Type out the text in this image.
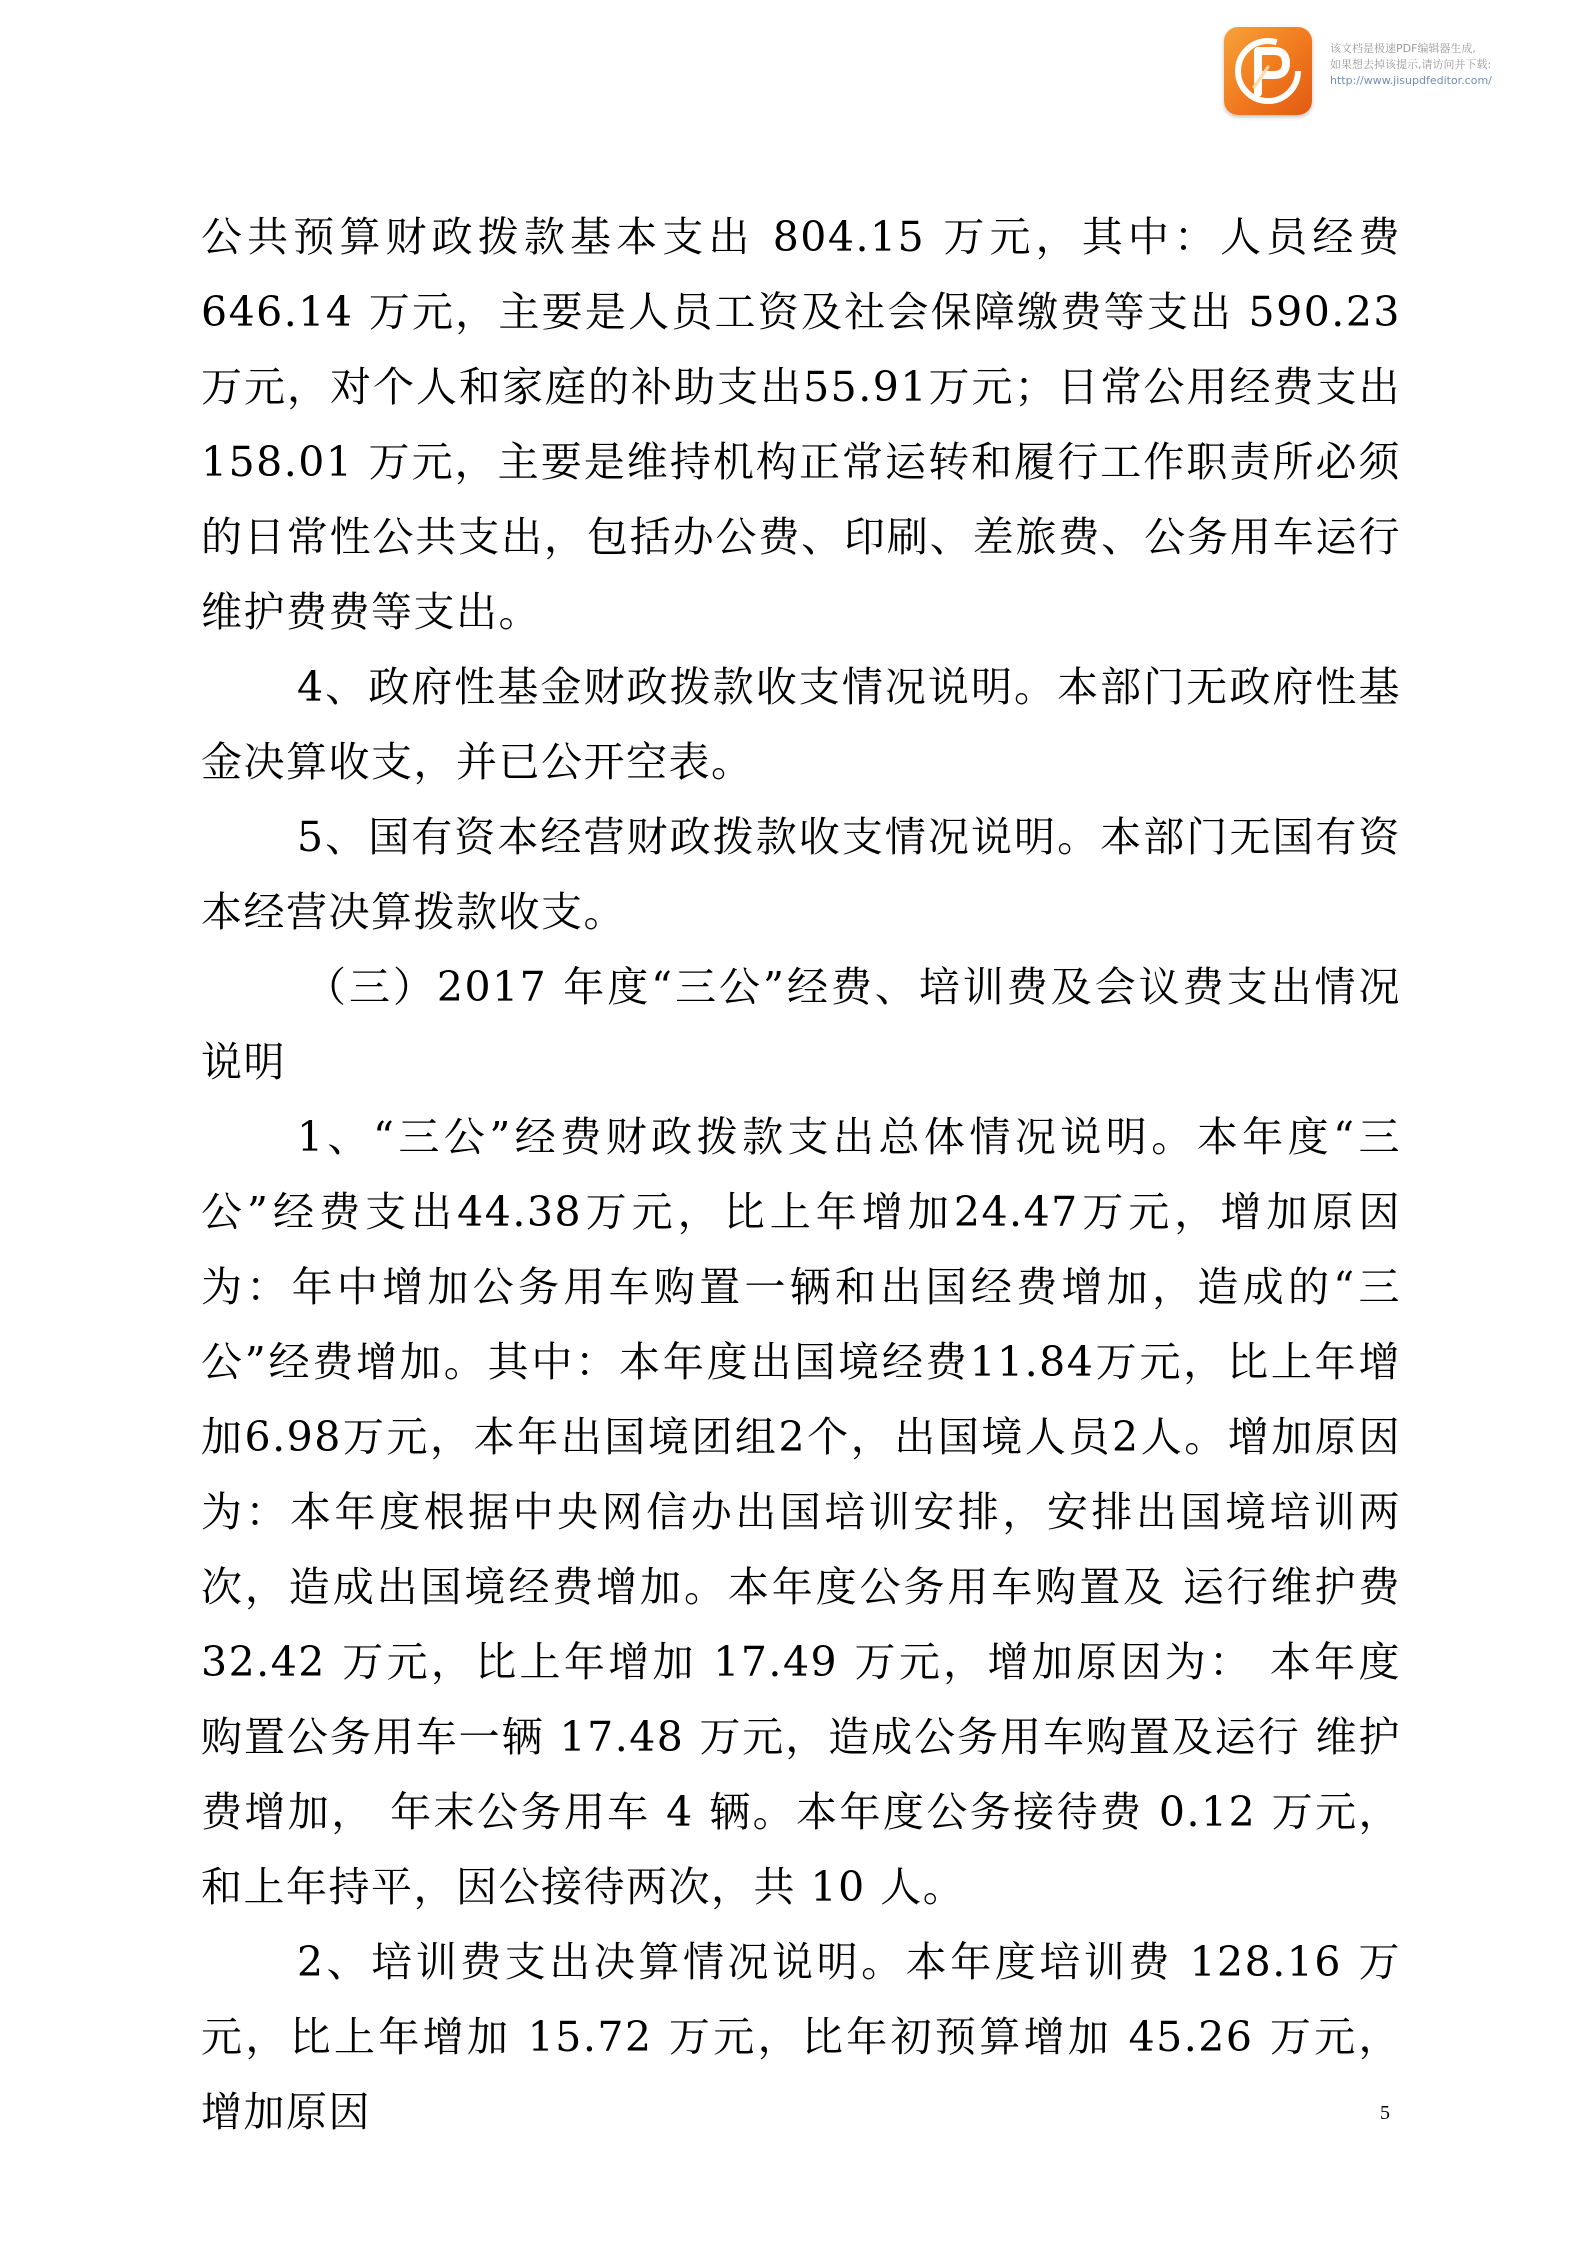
该文档是极速PDF编辑器生成,
如果想去掉该提示,请访问并下载:
http://www.jisupdfeditor.com/

公共预算财政拨款基本支出 804.15 万元，其中：人员经费 646.14 万元，主要是人员工资及社会保障缴费等支出 590.23 万元，对个人和家庭的补助支出55.91万元；日常公用经费支出 158.01 万元，主要是维持机构正常运转和履行工作职责所必须的日常性公共支出，包括办公费、印刷、差旅费、公务用车运行维护费费等支出。

4、政府性基金财政拨款收支情况说明。本部门无政府性基金决算收支，并已公开空表。

5、国有资本经营财政拨款收支情况说明。本部门无国有资本经营决算拨款收支。

（三）2017 年度“三公”经费、培训费及会议费支出情况说明

1、“三公”经费财政拨款支出总体情况说明。本年度“三公”经费支出44.38万元，比上年增加24.47万元，增加原因为：年中增加公务用车购置一辆和出国经费增加，造成的“三公”经费增加。其中：本年度出国境经费11.84万元，比上年增加6.98万元，本年出国境团组2个，出国境人员2人。增加原因为：本年度根据中央网信办出国培训安排，安排出国境培训两次，造成出国境经费增加。本年度公务用车购置及 运行维护费 32.42 万元，比上年增加 17.49 万元，增加原因为： 本年度购置公务用车一辆 17.48 万元，造成公务用车购置及运行 维护费增加， 年末公务用车 4 辆。本年度公务接待费 0.12 万元， 和上年持平，因公接待两次，共 10 人。

2、培训费支出决算情况说明。本年度培训费 128.16 万元，比上年增加 15.72 万元，比年初预算增加 45.26 万元，增加原因	5
